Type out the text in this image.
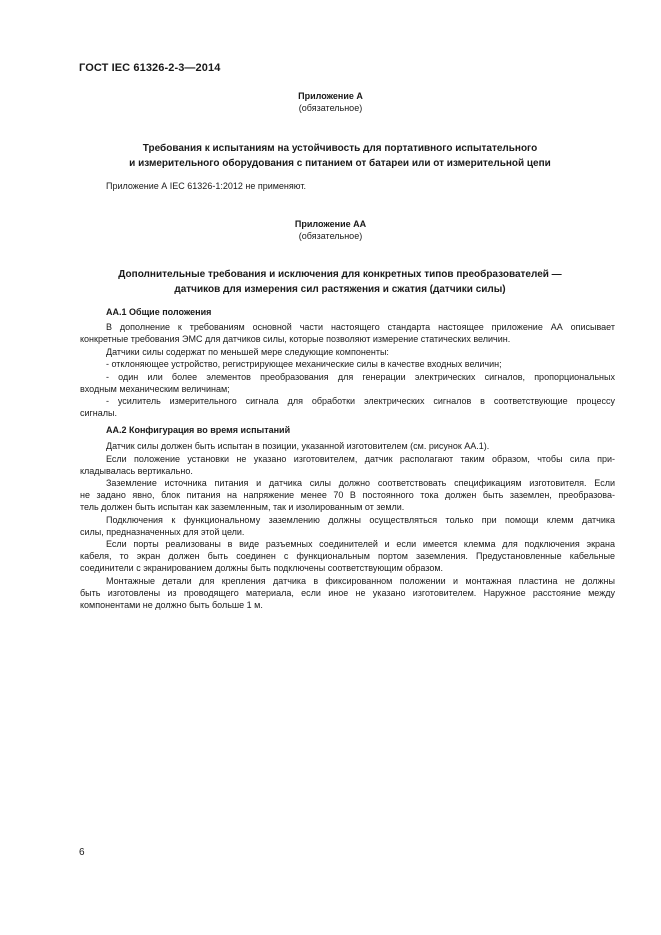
ГОСТ IEC 61326-2-3—2014
Приложение А
(обязательное)
Требования к испытаниям на устойчивость для портативного испытательного
и измерительного оборудования с питанием от батареи или от измерительной цепи
Приложение А IEC 61326-1:2012 не применяют.
Приложение АА
(обязательное)
Дополнительные требования и исключения для конкретных типов преобразователей —
датчиков для измерения сил растяжения и сжатия (датчики силы)
АА.1 Общие положения
В дополнение к требованиям основной части настоящего стандарта настоящее приложение АА описывает
конкретные требования ЭМС для датчиков силы, которые позволяют измерение статических величин.
Датчики силы содержат по меньшей мере следующие компоненты:
- отклоняющее устройство, регистрирующее механические силы в качестве входных величин;
- один или более элементов преобразования для генерации электрических сигналов, пропорциональных
входным механическим величинам;
- усилитель измерительного сигнала для обработки электрических сигналов в соответствующие процессу
сигналы.
АА.2 Конфигурация во время испытаний
Датчик силы должен быть испытан в позиции, указанной изготовителем (см. рисунок АА.1).
Если положение установки не указано изготовителем, датчик располагают таким образом, чтобы сила при-
кладывалась вертикально.
Заземление источника питания и датчика силы должно соответствовать спецификациям изготовителя. Если
не задано явно, блок питания на напряжение менее 70 В постоянного тока должен быть заземлен, преобразова-
тель должен быть испытан как заземленным, так и изолированным от земли.
Подключения к функциональному заземлению должны осуществляться только при помощи клемм датчика
силы, предназначенных для этой цели.
Если порты реализованы в виде разъемных соединителей и если имеется клемма для подключения экрана
кабеля, то экран должен быть соединен с функциональным портом заземления. Предустановленные кабельные
соединители с экранированием должны быть подключены соответствующим образом.
Монтажные детали для крепления датчика в фиксированном положении и монтажная пластина не должны
быть изготовлены из проводящего материала, если иное не указано изготовителем. Наружное расстояние между
компонентами не должно быть больше 1 м.
6
